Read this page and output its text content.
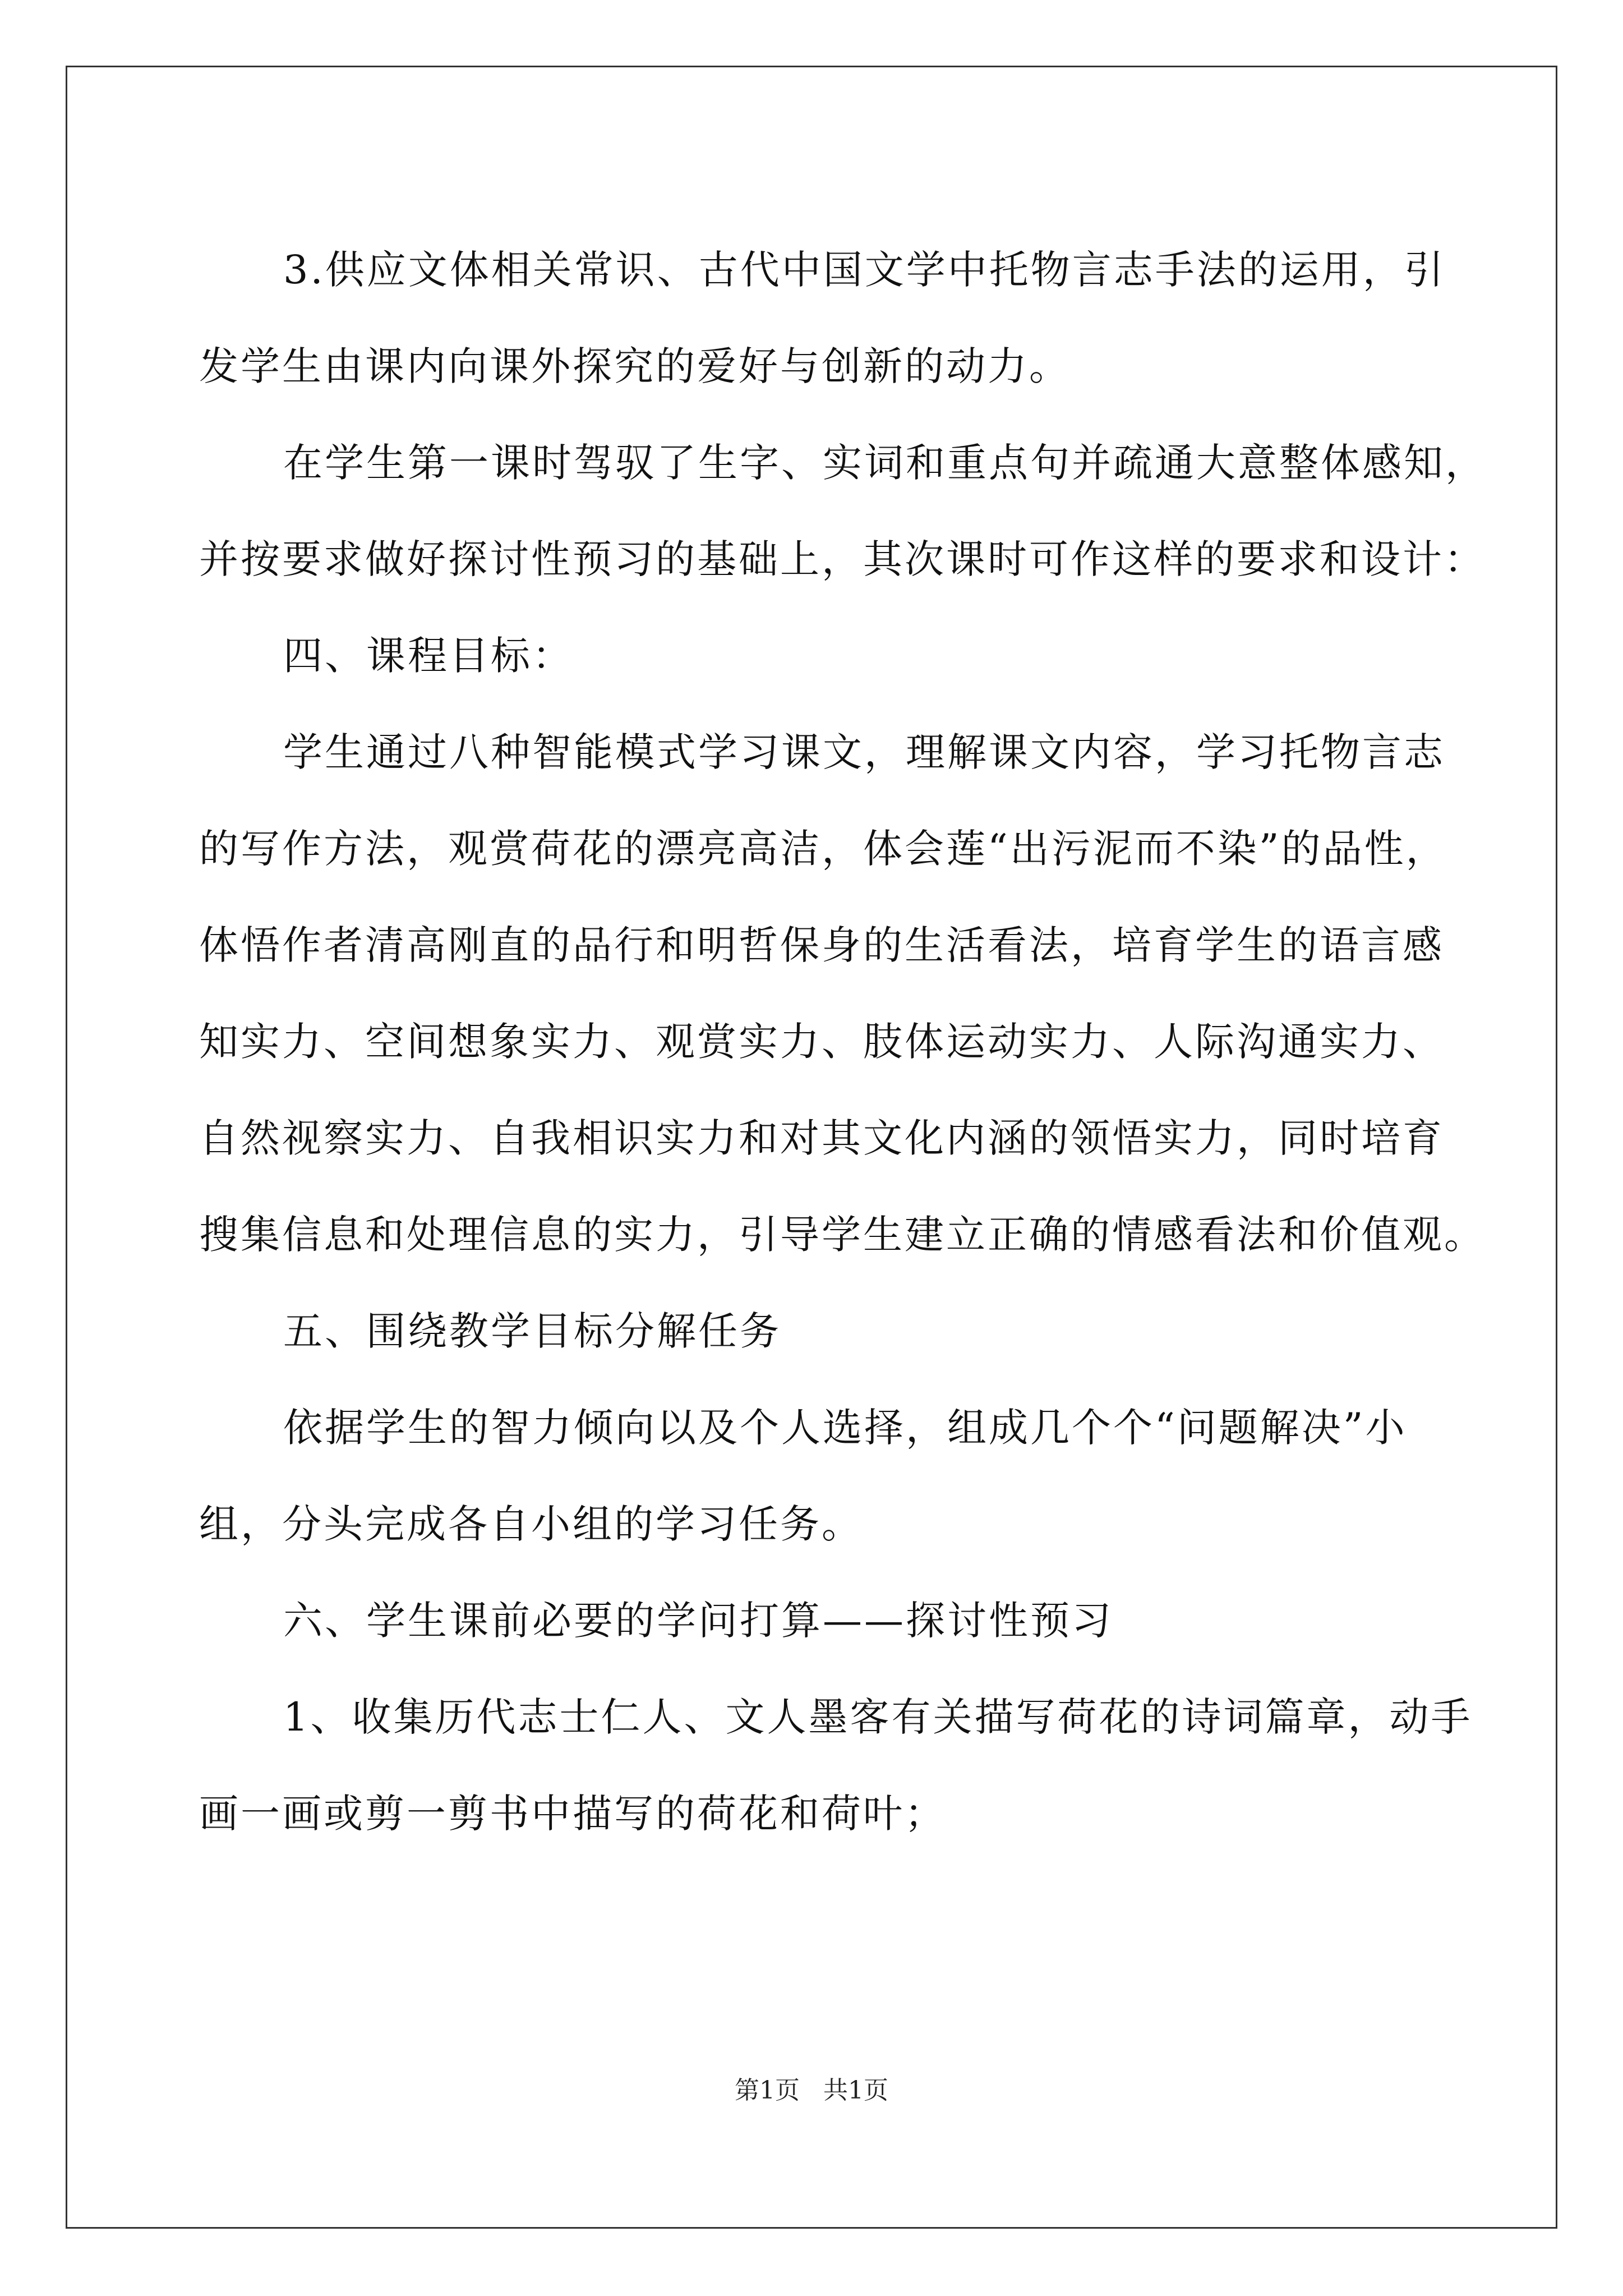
3.供应文体相关常识、古代中国文学中托物言志手法的运用，引
发学生由课内向课外探究的爱好与创新的动力。
在学生第一课时驾驭了生字、实词和重点句并疏通大意整体感知，
并按要求做好探讨性预习的基础上，其次课时可作这样的要求和设计：
四、课程目标：
学生通过八种智能模式学习课文，理解课文内容，学习托物言志
的写作方法，观赏荷花的漂亮高洁，体会莲“出污泥而不染”的品性，
体悟作者清高刚直的品行和明哲保身的生活看法，培育学生的语言感
知实力、空间想象实力、观赏实力、肢体运动实力、人际沟通实力、
自然视察实力、自我相识实力和对其文化内涵的领悟实力，同时培育
搜集信息和处理信息的实力，引导学生建立正确的情感看法和价值观。
五、围绕教学目标分解任务
依据学生的智力倾向以及个人选择，组成几个个“问题解决”小
组，分头完成各自小组的学习任务。
六、学生课前必要的学问打算——探讨性预习
1、收集历代志士仁人、文人墨客有关描写荷花的诗词篇章，动手
画一画或剪一剪书中描写的荷花和荷叶；
第1页 共1页
